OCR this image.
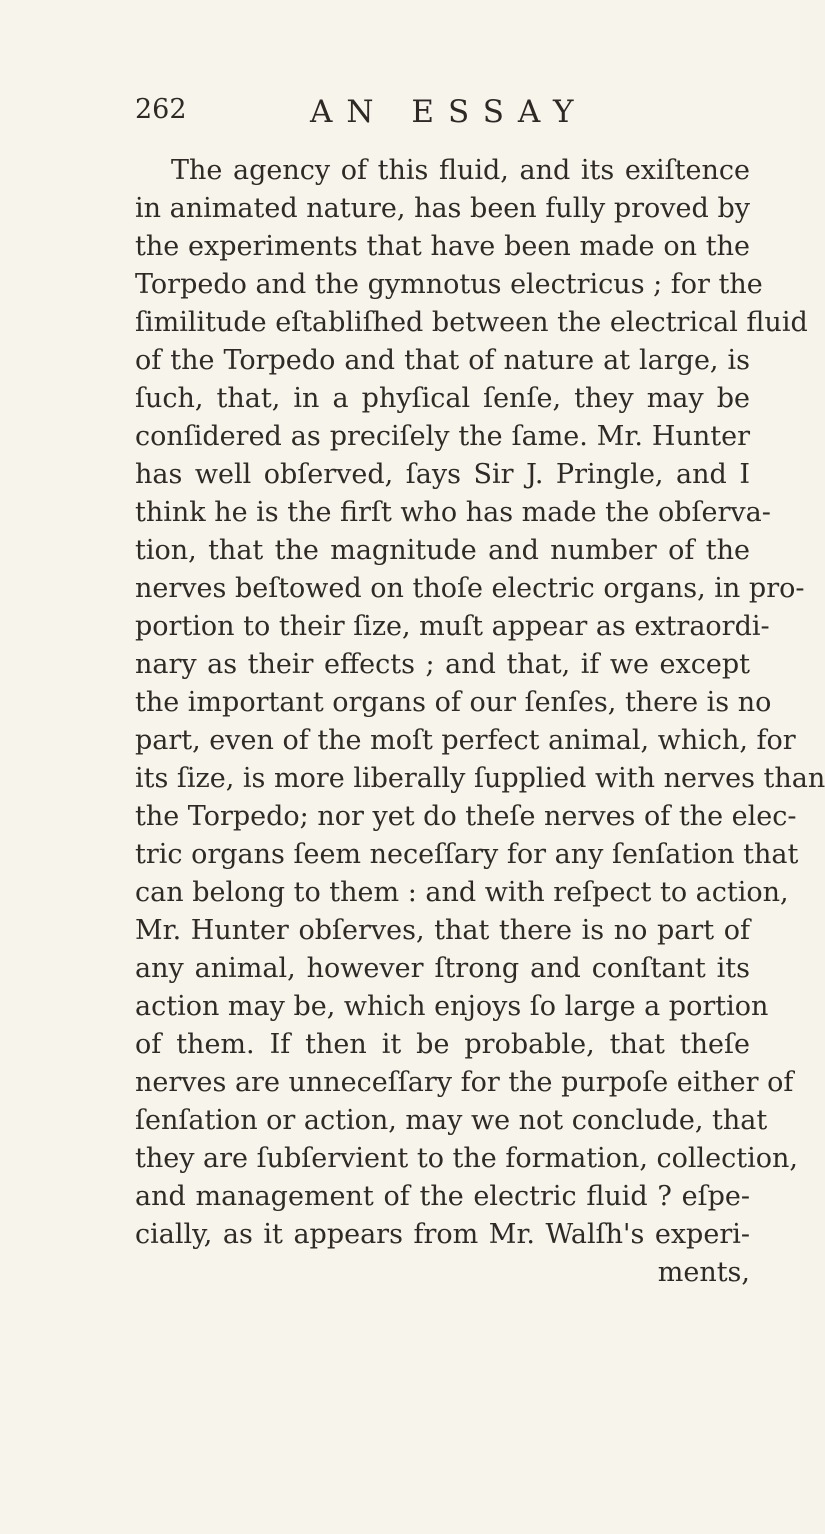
262	AN ESSAY
The agency of this fluid, and its exiſtence
in animated nature, has been fully proved by
the experiments that have been made on the
Torpedo and the gymnotus electricus ; for the
ſimilitude eſtabliſhed between the electrical fluid
of the Torpedo and that of nature at large, is
ſuch, that, in a phyſical ſenſe, they may be
conſidered as preciſely the ſame. Mr. Hunter
has well obſerved, ſays Sir J. Pringle, and I
think he is the firſt who has made the obſerva-
tion, that the magnitude and number of the
nerves beſtowed on thoſe electric organs, in pro-
portion to their ſize, muſt appear as extraordi-
nary as their effects ; and that, if we except
the important organs of our ſenſes, there is no
part, even of the moſt perfect animal, which, for
its ſize, is more liberally ſupplied with nerves than
the Torpedo; nor yet do theſe nerves of the elec-
tric organs ſeem neceſſary for any ſenſation that
can belong to them : and with reſpect to action,
Mr. Hunter obſerves, that there is no part of
any animal, however ſtrong and conſtant its
action may be, which enjoys ſo large a portion
of them. If then it be probable, that theſe
nerves are unneceſſary for the purpoſe either of
ſenſation or action, may we not conclude, that
they are ſubſervient to the formation, collection,
and management of the electric fluid ? eſpe-
cially, as it appears from Mr. Walſh's experi-
ments,
